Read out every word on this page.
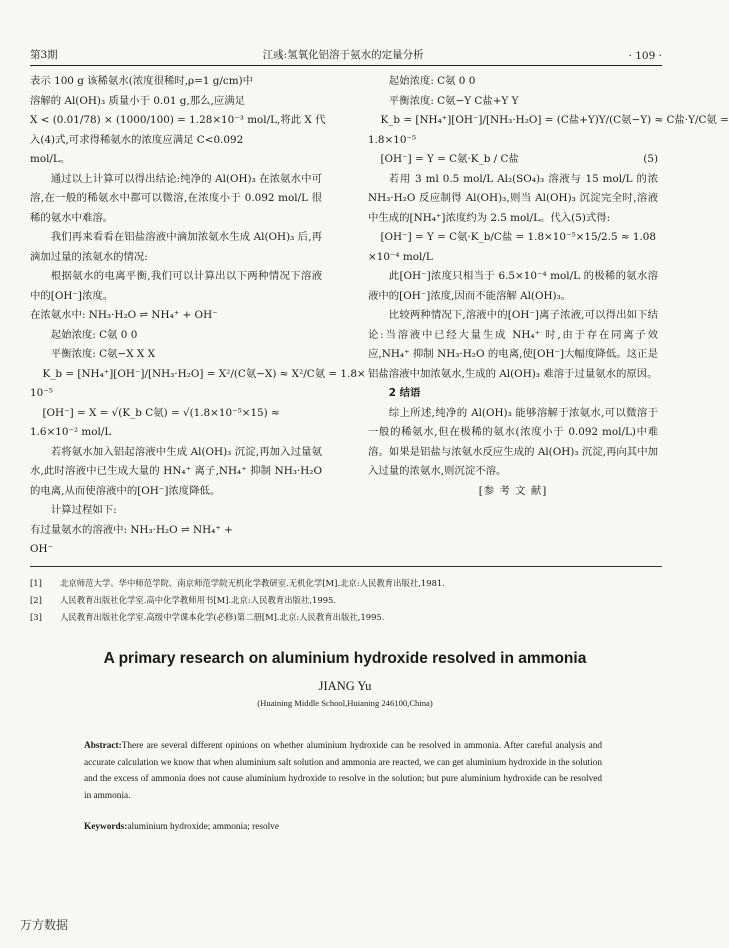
第3期	江彧:氢氧化铝溶于氨水的定量分析	· 109 ·
表示 100 g 该稀氨水(浓度很稀时,ρ=1 g/cm)中
溶解的 Al(OH)₃ 质量小于 0.01 g,那么,应满足
X < (0.01/78) × (1000/100) = 1.28×10⁻³ mol/L,将此 X 代
入(4)式,可求得稀氨水的浓度应满足 C<0.092
mol/L。
通过以上计算可以得出结论:纯净的 Al(OH)₃ 在浓氨水中可溶,在一般的稀氨水中都可以微溶,在浓度小于 0.092 mol/L 很稀的氨水中难溶。
我们再来看看在铝盐溶液中滴加浓氨水生成 Al(OH)₃ 后,再滴加过量的浓氨水的情况:
根据氨水的电离平衡,我们可以计算出以下两种情况下溶液中的[OH⁻]浓度。
在浓氨水中: NH₃·H₂O ⇌ NH₄⁺ + OH⁻
起始浓度: C氨 0 0
平衡浓度: C氨−X X X
K_b = [NH₄⁺][OH⁻]/[NH₃·H₂O] = X²/(C氨−X) ≈ X²/C氨 = 1.8×
10⁻⁵
[OH⁻] = X = √(K_b C氨) = √(1.8×10⁻⁵×15) ≈
1.6×10⁻² mol/L
若将氨水加入铝起溶液中生成 Al(OH)₃ 沉淀,再加入过量氨水,此时溶液中已生成大量的 HN₄⁺ 离子,NH₄⁺ 抑制 NH₃·H₂O 的电离,从而使溶液中的[OH⁻]浓度降低。
计算过程如下:
有过量氨水的溶液中: NH₃·H₂O ⇌ NH₄⁺ +
OH⁻
起始浓度: C氨 0 0
平衡浓度: C氨−Y C盐+Y Y
K_b = [NH₄⁺][OH⁻]/[NH₃·H₂O] = (C盐+Y)Y/(C氨−Y) ≈ C盐·Y/C氨 =
1.8×10⁻⁵
[OH⁻] = Y = C氨·K_b / C盐	(5)
若用 3 ml 0.5 mol/L Al₂(SO₄)₃ 溶液与 15 mol/L 的浓 NH₃·H₂O 反应制得 Al(OH)₃,则当 Al(OH)₃ 沉淀完全时,溶液中生成的[NH₄⁺]浓度约为 2.5 mol/L。代入(5)式得:
[OH⁻] = Y = C氨·K_b/C盐 = 1.8×10⁻⁵×15/2.5 ≈ 1.08
×10⁻⁴ mol/L
此[OH⁻]浓度只相当于 6.5×10⁻⁴ mol/L 的极稀的氨水溶液中的[OH⁻]浓度,因而不能溶解 Al(OH)₃。
比较两种情况下,溶液中的[OH⁻]离子浓液,可以得出如下结论:当溶液中已经大量生成 NH₄⁺ 时,由于存在同离子效应,NH₄⁺ 抑制 NH₃·H₂O 的电离,使[OH⁻]大幅度降低。这正是铝盐溶液中加浓氨水,生成的 Al(OH)₃ 难溶于过量氨水的原因。
2 结语
综上所述,纯净的 Al(OH)₃ 能够溶解于浓氨水,可以微溶于一般的稀氨水,但在极稀的氨水(浓度小于 0.092 mol/L)中难溶。如果是铝盐与浓氨水反应生成的 Al(OH)₃ 沉淀,再向其中加入过量的浓氨水,则沉淀不溶。
[参 考 文 献]
[1]	北京师范大学、华中师范学院、南京师范学院无机化学教研室.无机化学[M].北京:人民教育出版社,1981.
[2]	人民教育出版社化学室.高中化学教师用书[M].北京:人民教育出版社,1995.
[3]	人民教育出版社化学室.高级中学课本化学(必修)第二册[M].北京:人民教育出版社,1995.
A primary research on aluminium hydroxide resolved in ammonia
JIANG Yu
(Huaining Middle School,Huianing 246100,China)
Abstract:There are several different opinions on whether aluminium hydroxide can be resolved in ammonia. After careful analysis and accurate calculation we know that when aluminium salt solution and ammonia are reacted, we can get aluminium hydroxide in the solution and the excess of ammonia does not cause aluminium hydroxide to resolve in the solution; but pure aluminium hydroxide can be resolved in ammonia.
Keywords:aluminium hydroxide; ammonia; resolve
万方数据
